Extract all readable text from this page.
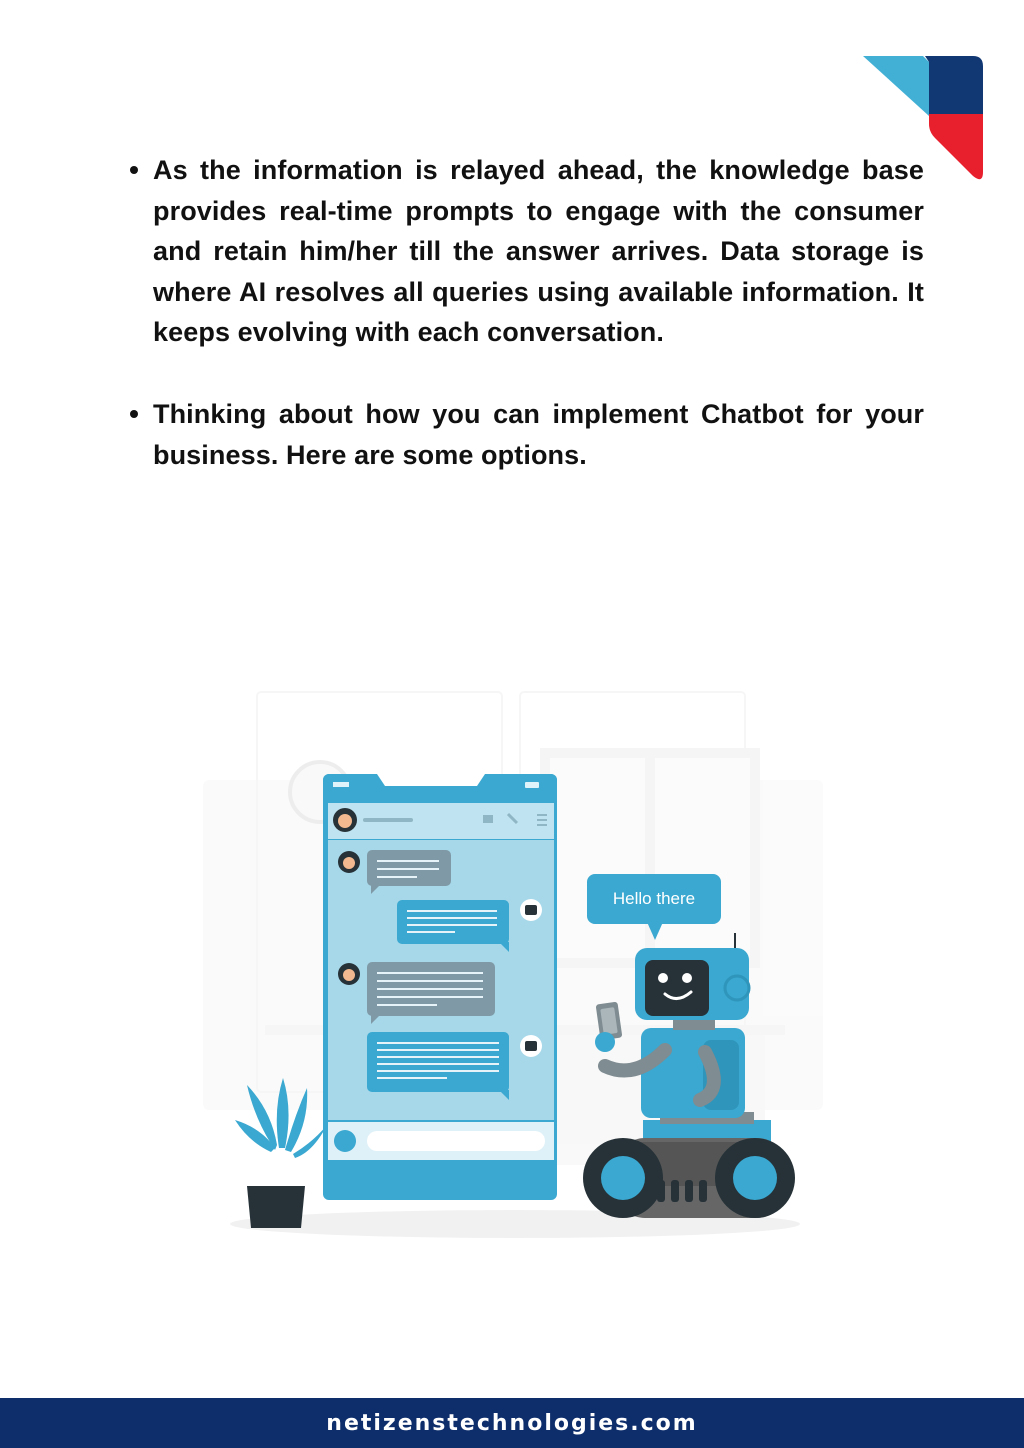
As the information is relayed ahead, the knowledge base provides real-time prompts to engage with the consumer and retain him/her till the answer arrives. Data storage is where AI resolves all queries using available information. It keeps evolving with each conversation.
Thinking about how you can implement Chatbot for your business. Here are some options.
Hello there
netizenstechnologies.com
